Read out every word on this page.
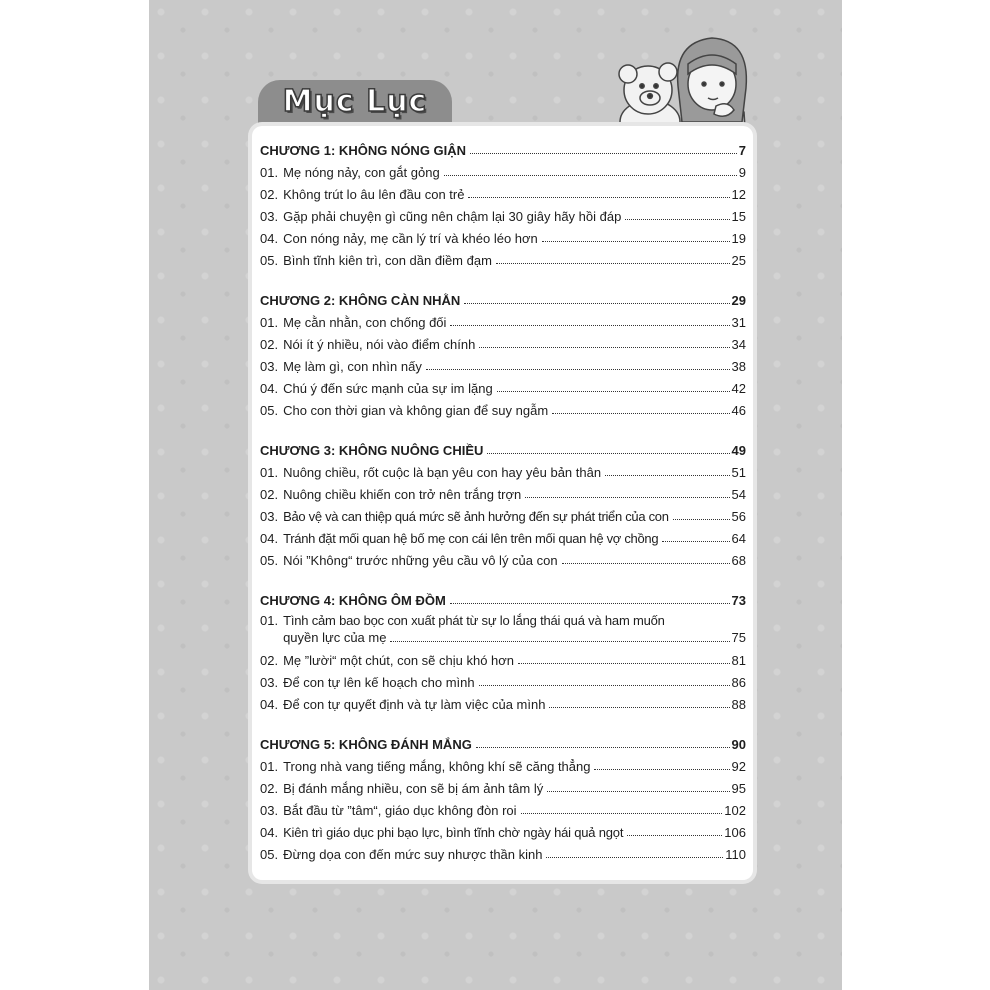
Mục Lục
CHƯƠNG 1: KHÔNG NÓNG GIẬN	7
01. Mẹ nóng nảy, con gắt gỏng	9
02. Không trút lo âu lên đầu con trẻ	12
03. Gặp phải chuyện gì cũng nên chậm lại 30 giây hãy hồi đáp	15
04. Con nóng nảy, mẹ cần lý trí và khéo léo hơn	19
05. Bình tĩnh kiên trì, con dần điềm đạm	25
CHƯƠNG 2: KHÔNG CÀN NHẰN	29
01. Mẹ cằn nhằn, con chống đối	31
02. Nói ít ý nhiều, nói vào điểm chính	34
03. Mẹ làm gì, con nhìn nấy	38
04. Chú ý đến sức mạnh của sự im lặng	42
05. Cho con thời gian và không gian để suy ngẫm	46
CHƯƠNG 3: KHÔNG NUÔNG CHIỀU	49
01. Nuông chiều, rốt cuộc là bạn yêu con hay yêu bản thân	51
02. Nuông chiều khiến con trở nên trắng trợn	54
03. Bảo vệ và can thiệp quá mức sẽ ảnh hưởng đến sự phát triển của con	56
04. Tránh đặt mối quan hệ bố mẹ con cái lên trên mối quan hệ vợ chồng	64
05. Nói ”Không“ trước những yêu cầu vô lý của con	68
CHƯƠNG 4: KHÔNG ÔM ĐỒM	73
01. Tình cảm bao bọc con xuất phát từ sự lo lắng thái quá và ham muốn
quyền lực của mẹ	75
02. Mẹ ”lười“ một chút, con sẽ chịu khó hơn	81
03. Để con tự lên kế hoạch cho mình	86
04. Để con tự quyết định và tự làm việc của mình	88
CHƯƠNG 5: KHÔNG ĐÁNH MẮNG	90
01. Trong nhà vang tiếng mắng, không khí sẽ căng thẳng	92
02. Bị đánh mắng nhiều, con sẽ bị ám ảnh tâm lý	95
03. Bắt đầu từ ”tâm“, giáo dục không đòn roi	102
04. Kiên trì giáo dục phi bạo lực, bình tĩnh chờ ngày hái quả ngọt	106
05. Đừng dọa con đến mức suy nhược thần kinh	110
